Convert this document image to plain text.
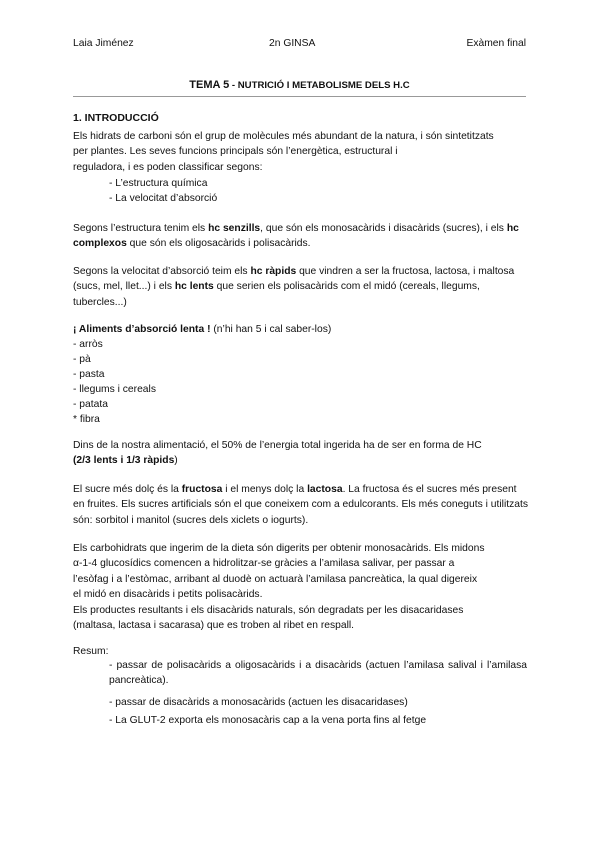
Laia Jiménez	2n GINSA	Exàmen final
TEMA 5 - NUTRICIÓ I METABOLISME DELS H.C
1. INTRODUCCIÓ
Els hidrats de carboni són el grup de molècules més abundant de la natura, i són sintetitzats
per plantes. Les seves funcions principals són l’energètica, estructural i
reguladora, i es poden classificar segons:
- L’estructura química
- La velocitat d’absorció

Segons l’estructura tenim els hc senzills, que són els monosacàrids i disacàrids (sucres), i els hc complexos que són els oligosacàrids i polisacàrids.

Segons la velocitat d’absorció teim els hc ràpids que vindren a ser la fructosa, lactosa, i maltosa (sucs, mel, llet...) i els hc lents que serien els polisacàrids com el midó (cereals, llegums, tubercles...)

¡ Aliments d’absorció lenta ! (n’hi han 5 i cal saber-los)
- arròs
- pà
- pasta
- llegums i cereals
- patata
* fibra

Dins de la nostra alimentació, el 50% de l’energia total ingerida ha de ser en forma de HC
(2/3 lents i 1/3 ràpids)

El sucre més dolç és la fructosa i el menys dolç la lactosa. La fructosa és el sucres més present en fruites. Els sucres artificials són el que coneixem com a edulcorants. Els més coneguts i utilitzats són: sorbitol i manitol (sucres dels xiclets o iogurts).

Els carbohidrats que ingerim de la dieta són digerits per obtenir monosacàrids. Els midons
α-1-4 glucosídics comencen a hidrolitzar-se gràcies a l’amilasa salivar, per passar a
l’esòfag i a l’estòmac, arribant al duodè on actuarà l’amilasa pancreàtica, la qual digereix
el midó en disacàrids i petits polisacàrids.
Els productes resultants i els disacàrids naturals, són degradats per les disacaridases
(maltasa, lactasa i sacarasa) que es troben al ribet en respall.
Resum:
- passar de polisacàrids a oligosacàrids i a disacàrids (actuen l’amilasa salival i l’amilasa pancreàtica).
- passar de disacàrids a monosacàrids (actuen les disacaridases)
- La GLUT-2 exporta els monosacàris cap a la vena porta fins al fetge
